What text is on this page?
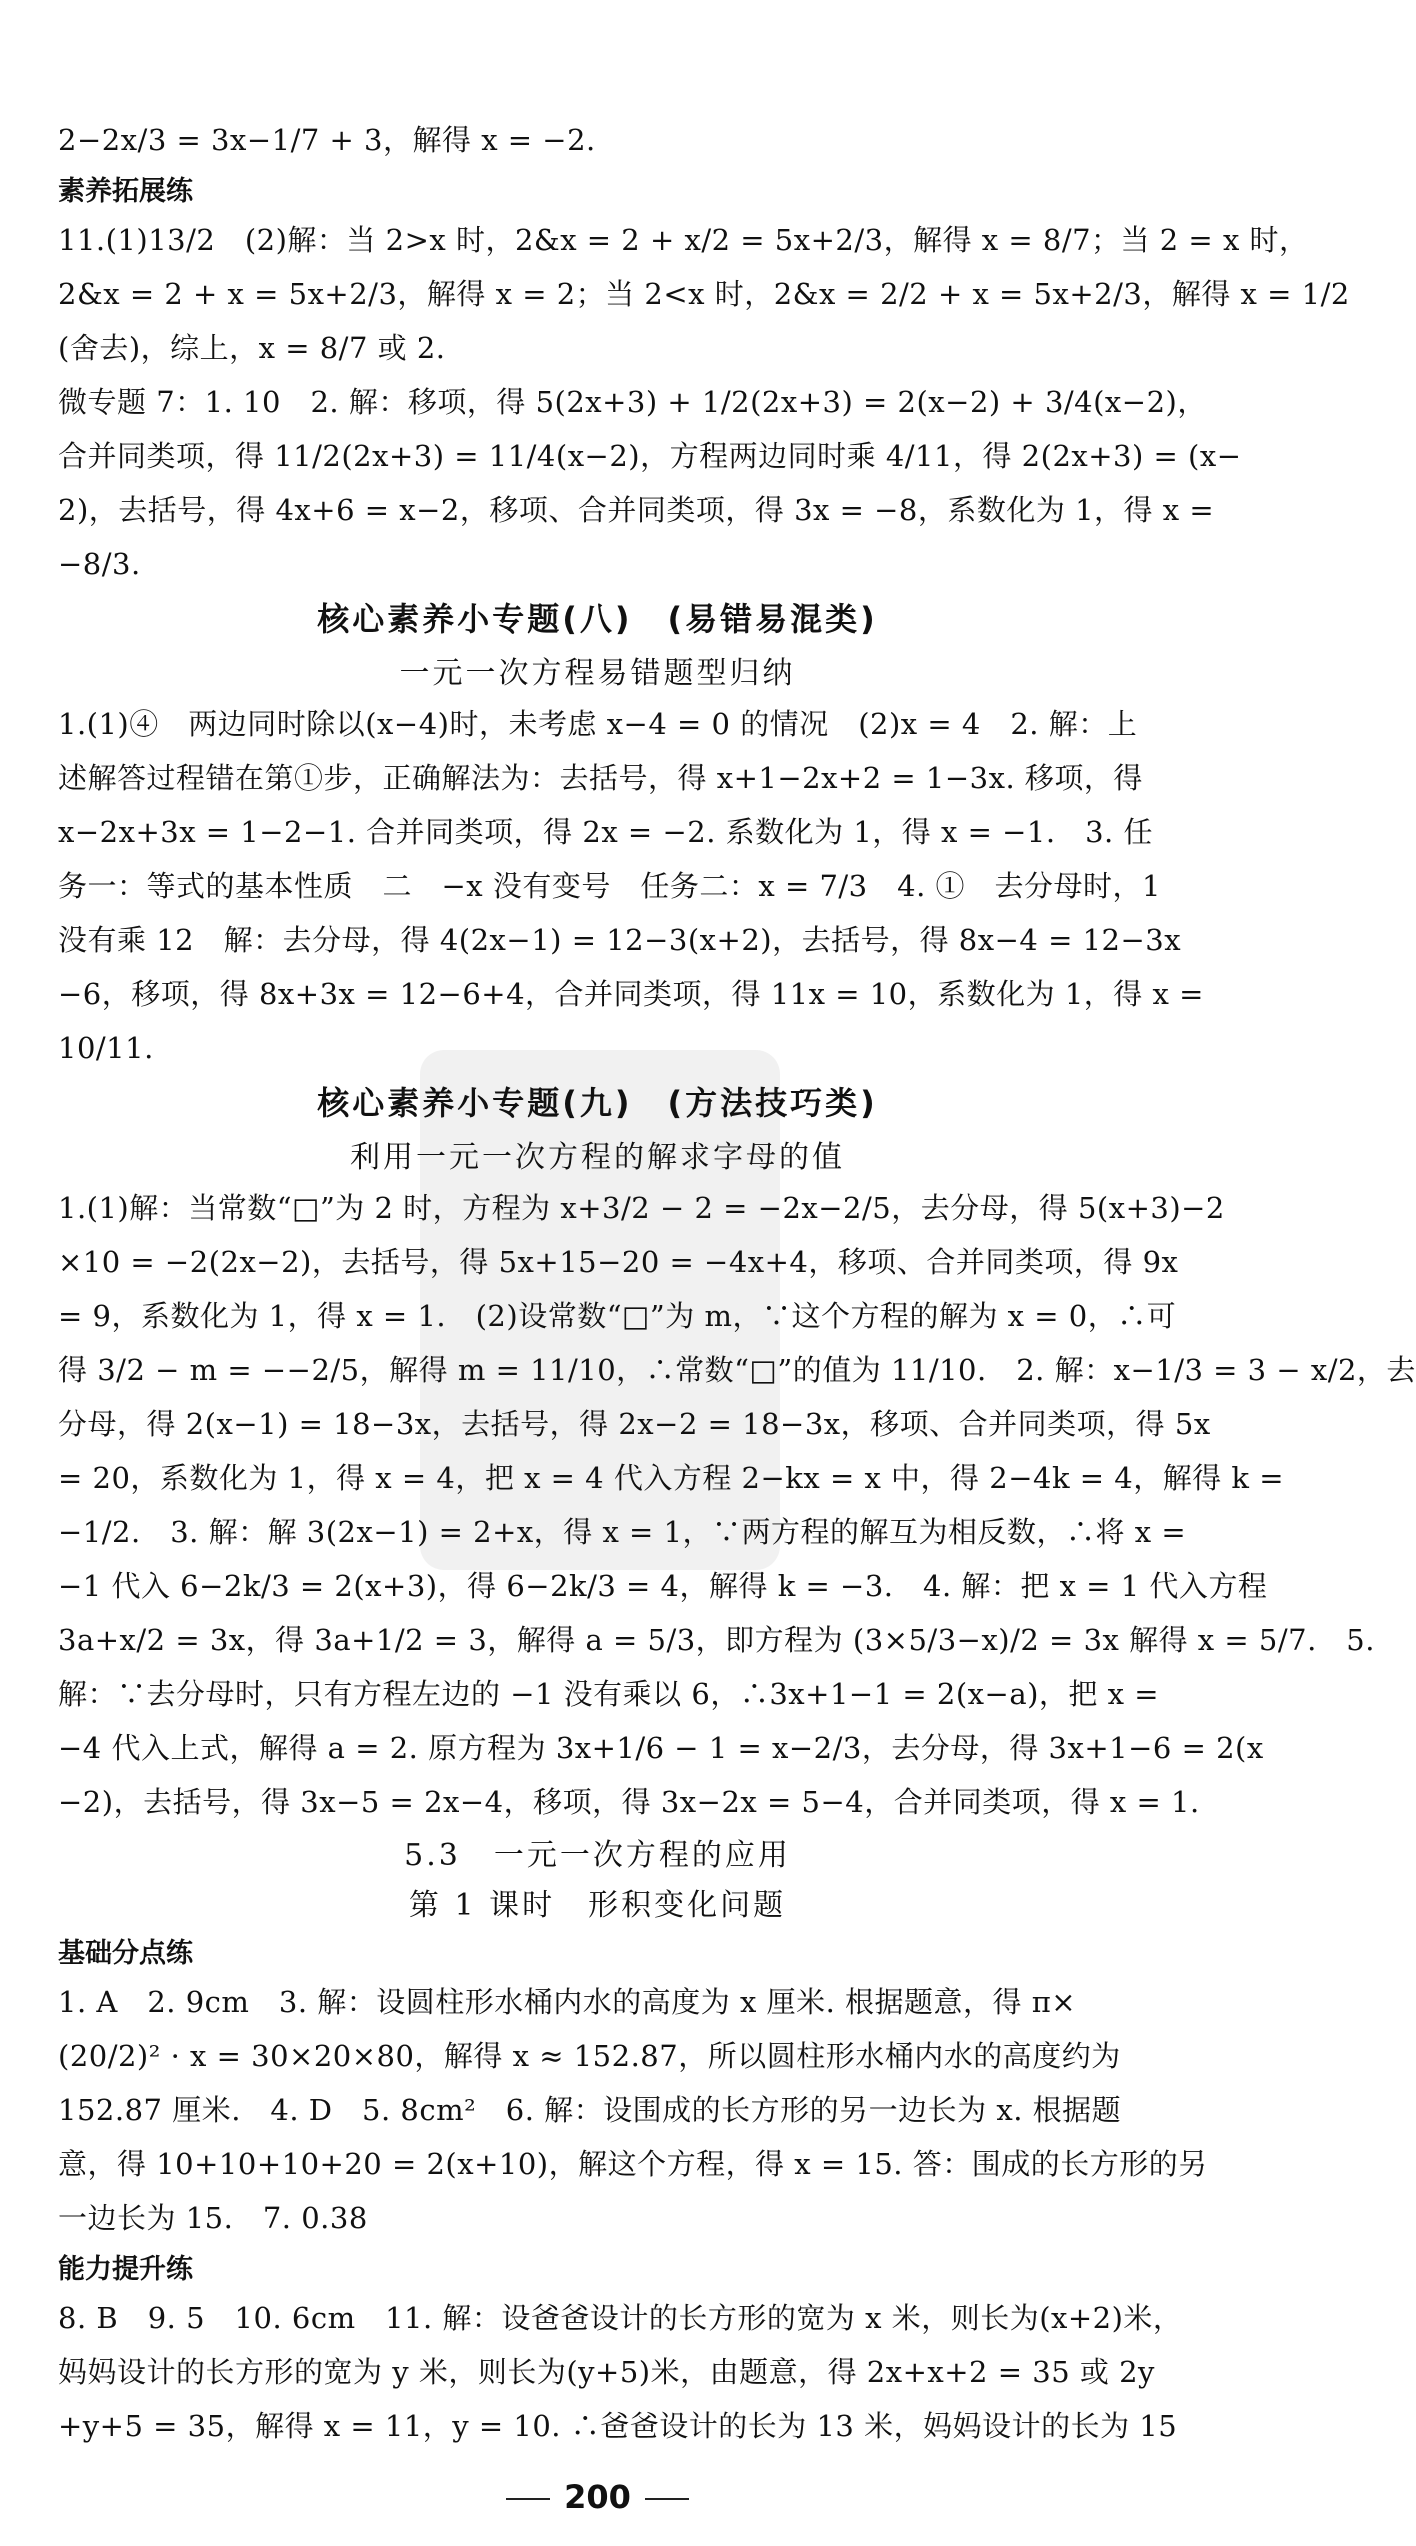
2−2x/3 = 3x−1/7 + 3，解得 x = −2.
素养拓展练
11.(1)13/2　(2)解：当 2>x 时，2&x = 2 + x/2 = 5x+2/3，解得 x = 8/7；当 2 = x 时，
2&x = 2 + x = 5x+2/3，解得 x = 2；当 2<x 时，2&x = 2/2 + x = 5x+2/3，解得 x = 1/2
(舍去)，综上，x = 8/7 或 2.
微专题 7：1. 10　2. 解：移项，得 5(2x+3) + 1/2(2x+3) = 2(x−2) + 3/4(x−2)，
合并同类项，得 11/2(2x+3) = 11/4(x−2)，方程两边同时乘 4/11，得 2(2x+3) = (x−
2)，去括号，得 4x+6 = x−2，移项、合并同类项，得 3x = −8，系数化为 1，得 x =
−8/3.
核心素养小专题(八)　(易错易混类)
一元一次方程易错题型归纳
1.(1)④　两边同时除以(x−4)时，未考虑 x−4 = 0 的情况　(2)x = 4　2. 解：上
述解答过程错在第①步，正确解法为：去括号，得 x+1−2x+2 = 1−3x. 移项，得
x−2x+3x = 1−2−1. 合并同类项，得 2x = −2. 系数化为 1，得 x = −1.　3. 任
务一：等式的基本性质　二　−x 没有变号　任务二：x = 7/3　4. ①　去分母时，1
没有乘 12　解：去分母，得 4(2x−1) = 12−3(x+2)，去括号，得 8x−4 = 12−3x
−6，移项，得 8x+3x = 12−6+4，合并同类项，得 11x = 10，系数化为 1，得 x =
10/11.
核心素养小专题(九)　(方法技巧类)
利用一元一次方程的解求字母的值
1.(1)解：当常数“□”为 2 时，方程为 x+3/2 − 2 = −2x−2/5，去分母，得 5(x+3)−2
×10 = −2(2x−2)，去括号，得 5x+15−20 = −4x+4，移项、合并同类项，得 9x
= 9，系数化为 1，得 x = 1.　(2)设常数“□”为 m，∵这个方程的解为 x = 0，∴可
得 3/2 − m = −−2/5，解得 m = 11/10，∴常数“□”的值为 11/10.　2. 解：x−1/3 = 3 − x/2，去
分母，得 2(x−1) = 18−3x，去括号，得 2x−2 = 18−3x，移项、合并同类项，得 5x
= 20，系数化为 1，得 x = 4，把 x = 4 代入方程 2−kx = x 中，得 2−4k = 4，解得 k =
−1/2.　3. 解：解 3(2x−1) = 2+x，得 x = 1，∵两方程的解互为相反数，∴将 x =
−1 代入 6−2k/3 = 2(x+3)，得 6−2k/3 = 4，解得 k = −3.　4. 解：把 x = 1 代入方程
3a+x/2 = 3x，得 3a+1/2 = 3，解得 a = 5/3，即方程为 (3×5/3−x)/2 = 3x 解得 x = 5/7.　5.
解：∵去分母时，只有方程左边的 −1 没有乘以 6，∴3x+1−1 = 2(x−a)，把 x =
−4 代入上式，解得 a = 2. 原方程为 3x+1/6 − 1 = x−2/3，去分母，得 3x+1−6 = 2(x
−2)，去括号，得 3x−5 = 2x−4，移项，得 3x−2x = 5−4，合并同类项，得 x = 1.
5.3　一元一次方程的应用
第 1 课时　形积变化问题
基础分点练
1. A　2. 9cm　3. 解：设圆柱形水桶内水的高度为 x 厘米. 根据题意，得 π×
(20/2)² · x = 30×20×80，解得 x ≈ 152.87，所以圆柱形水桶内水的高度约为
152.87 厘米.　4. D　5. 8cm²　6. 解：设围成的长方形的另一边长为 x. 根据题
意，得 10+10+10+20 = 2(x+10)，解这个方程，得 x = 15. 答：围成的长方形的另
一边长为 15.　7. 0.38
能力提升练
8. B　9. 5　10. 6cm　11. 解：设爸爸设计的长方形的宽为 x 米，则长为(x+2)米，
妈妈设计的长方形的宽为 y 米，则长为(y+5)米，由题意，得 2x+x+2 = 35 或 2y
+y+5 = 35，解得 x = 11，y = 10. ∴爸爸设计的长为 13 米，妈妈设计的长为 15
200
